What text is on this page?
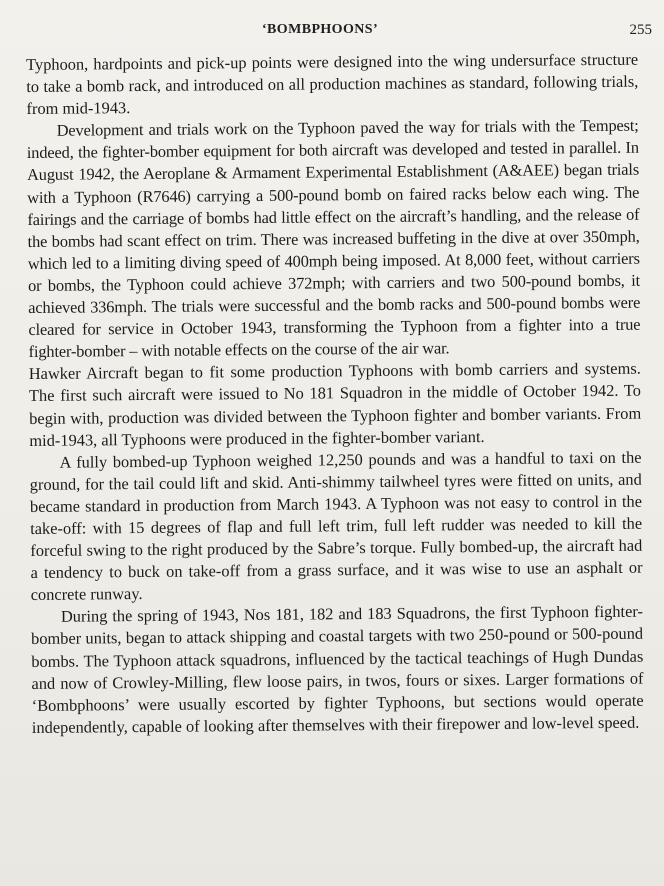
‘BOMBPHOONS’	255

Typhoon, hardpoints and pick-up points were designed into the wing undersurface structure to take a bomb rack, and introduced on all production machines as standard, following trials, from mid-1943.

Development and trials work on the Typhoon paved the way for trials with the Tempest; indeed, the fighter-bomber equipment for both aircraft was developed and tested in parallel. In August 1942, the Aeroplane & Armament Experimental Establishment (A&AEE) began trials with a Typhoon (R7646) carrying a 500-pound bomb on faired racks below each wing. The fairings and the carriage of bombs had little effect on the aircraft’s handling, and the release of the bombs had scant effect on trim. There was increased buffeting in the dive at over 350mph, which led to a limiting diving speed of 400mph being imposed. At 8,000 feet, without carriers or bombs, the Typhoon could achieve 372mph; with carriers and two 500-pound bombs, it achieved 336mph. The trials were successful and the bomb racks and 500-pound bombs were cleared for service in October 1943, transforming the Typhoon from a fighter into a true fighter-bomber – with notable effects on the course of the air war.

Hawker Aircraft began to fit some production Typhoons with bomb carriers and systems. The first such aircraft were issued to No 181 Squadron in the middle of October 1942. To begin with, production was divided between the Typhoon fighter and bomber variants. From mid-1943, all Typhoons were produced in the fighter-bomber variant.

A fully bombed-up Typhoon weighed 12,250 pounds and was a handful to taxi on the ground, for the tail could lift and skid. Anti-shimmy tailwheel tyres were fitted on units, and became standard in production from March 1943. A Typhoon was not easy to control in the take-off: with 15 degrees of flap and full left trim, full left rudder was needed to kill the forceful swing to the right produced by the Sabre’s torque. Fully bombed-up, the aircraft had a tendency to buck on take-off from a grass surface, and it was wise to use an asphalt or concrete runway.

During the spring of 1943, Nos 181, 182 and 183 Squadrons, the first Typhoon fighter-bomber units, began to attack shipping and coastal targets with two 250-pound or 500-pound bombs. The Typhoon attack squadrons, influenced by the tactical teachings of Hugh Dundas and now of Crowley-Milling, flew loose pairs, in twos, fours or sixes. Larger formations of ‘Bombphoons’ were usually escorted by fighter Typhoons, but sections would operate independently, capable of looking after themselves with their firepower and low-level speed.
